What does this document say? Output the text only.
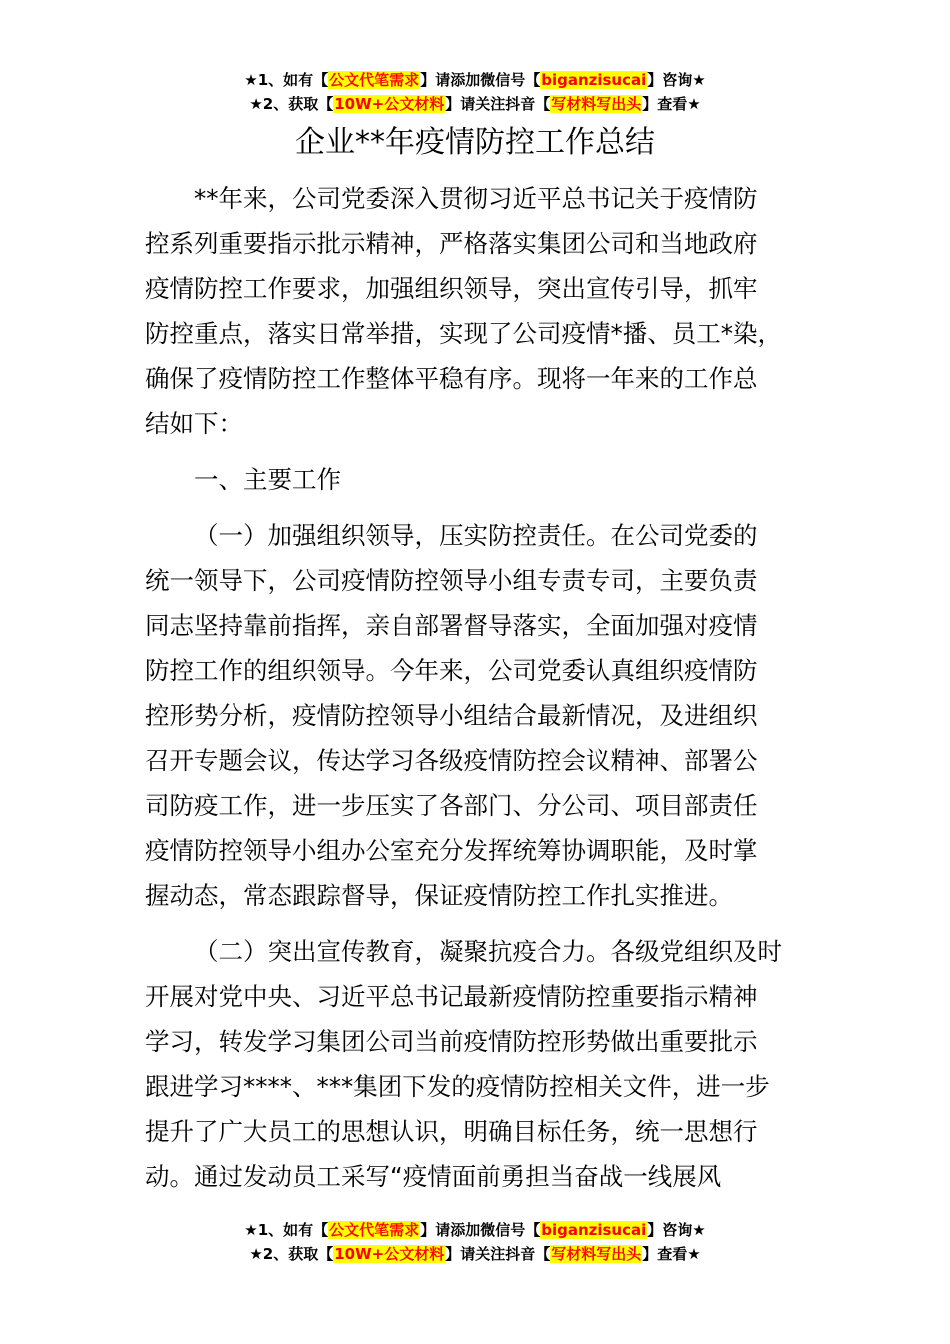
★1、如有【公文代笔需求】请添加微信号【biganzisucai】咨询★
★2、获取【10W+公文材料】请关注抖音【写材料写出头】查看★
企业**年疫情防控工作总结
**年来，公司党委深入贯彻习近平总书记关于疫情防
控系列重要指示批示精神，严格落实集团公司和当地政府
疫情防控工作要求，加强组织领导，突出宣传引导，抓牢
防控重点，落实日常举措，实现了公司疫情*播、员工*染，
确保了疫情防控工作整体平稳有序。现将一年来的工作总
结如下：
一、主要工作
（一）加强组织领导，压实防控责任。在公司党委的
统一领导下，公司疫情防控领导小组专责专司，主要负责
同志坚持靠前指挥，亲自部署督导落实，全面加强对疫情
防控工作的组织领导。今年来，公司党委认真组织疫情防
控形势分析，疫情防控领导小组结合最新情况，及进组织
召开专题会议，传达学习各级疫情防控会议精神、部署公
司防疫工作，进一步压实了各部门、分公司、项目部责任
疫情防控领导小组办公室充分发挥统筹协调职能，及时掌
握动态，常态跟踪督导，保证疫情防控工作扎实推进。
（二）突出宣传教育，凝聚抗疫合力。各级党组织及时
开展对党中央、习近平总书记最新疫情防控重要指示精神
学习，转发学习集团公司当前疫情防控形势做出重要批示
跟进学习****、***集团下发的疫情防控相关文件，进一步
提升了广大员工的思想认识，明确目标任务，统一思想行
动。通过发动员工采写“疫情面前勇担当奋战一线展风
★1、如有【公文代笔需求】请添加微信号【biganzisucai】咨询★
★2、获取【10W+公文材料】请关注抖音【写材料写出头】查看★
